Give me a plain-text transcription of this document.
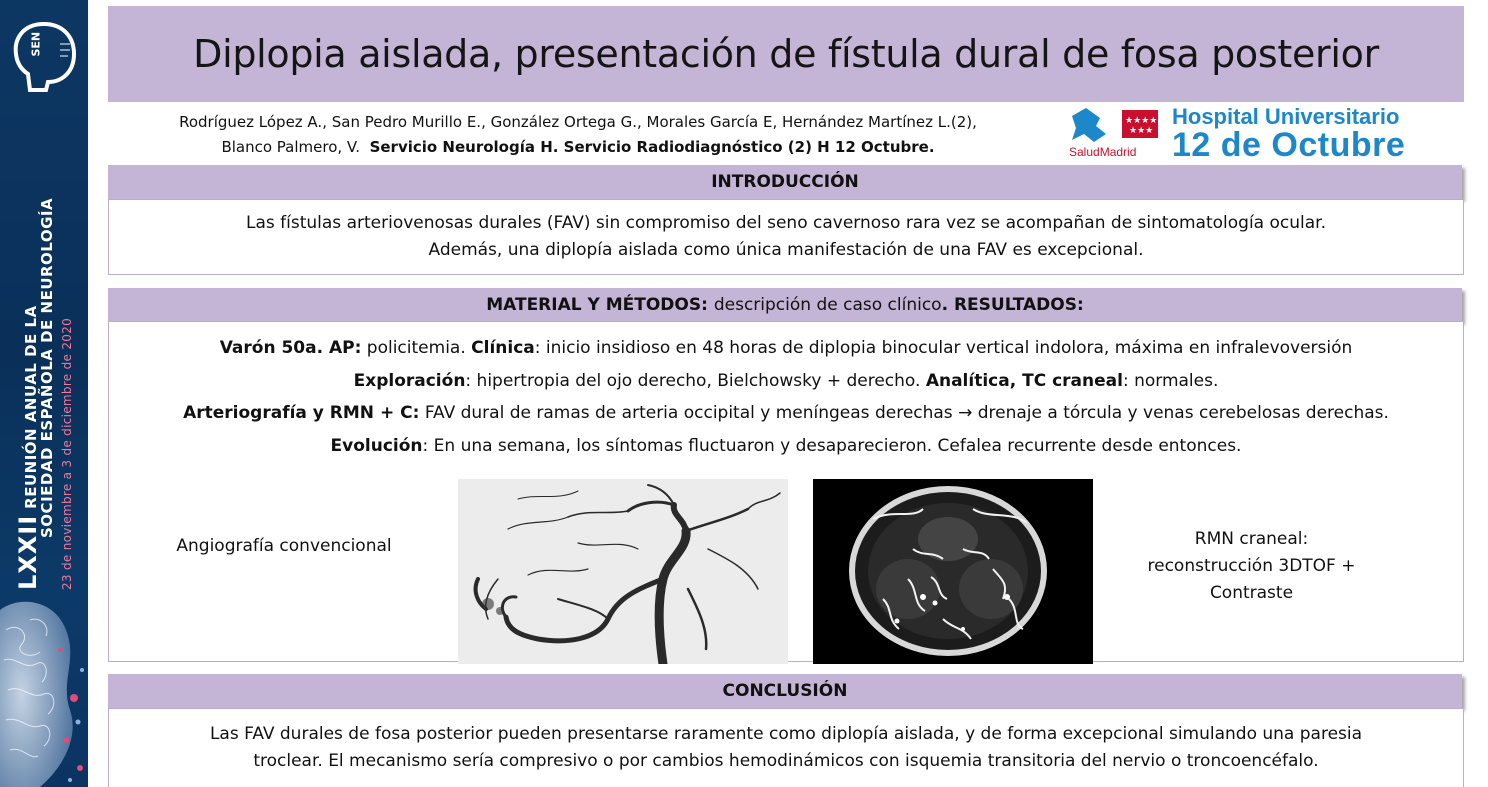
SEN
LXXIIREUNIÓN ANUAL DE LA
SOCIEDAD ESPAÑOLA DE NEUROLOGÍA 23 de noviembre a 3 de diciembre de 2020
Diplopia aislada, presentación de fístula dural de fosa posterior
Rodríguez López A., San Pedro Murillo E., González Ortega G., Morales García E, Hernández Martínez L.(2),
Blanco Palmero, V. Servicio Neurología H. Servicio Radiodiagnóstico (2) H 12 Octubre.
★★★★
★★★
SaludMadrid
Hospital Universitario
12 de Octubre
INTRODUCCIÓN
Las fístulas arteriovenosas durales (FAV) sin compromiso del seno cavernoso rara vez se acompañan de sintomatología ocular.
Además, una diplopía aislada como única manifestación de una FAV es excepcional.
MATERIAL Y MÉTODOS:
descripción de caso clínico . RESULTADOS:
Varón 50a. AP: policitemia. Clínica: inicio insidioso en 48 horas de diplopia binocular vertical indolora, máxima en infralevoversión
Exploración: hipertropia del ojo derecho, Bielchowsky + derecho. Analítica, TC craneal: normales.
Arteriografía y RMN + C: FAV dural de ramas de arteria occipital y meníngeas derechas → drenaje a tórcula y venas cerebelosas derechas.
Evolución: En una semana, los síntomas fluctuaron y desaparecieron. Cefalea recurrente desde entonces.
Angiografía convencional	RMN craneal:
reconstrucción 3DTOF +
Contraste
CONCLUSIÓN
Las FAV durales de fosa posterior pueden presentarse raramente como diplopía aislada, y de forma excepcional simulando una paresia
troclear. El mecanismo sería compresivo o por cambios hemodinámicos con isquemia transitoria del nervio o troncoencéfalo.
